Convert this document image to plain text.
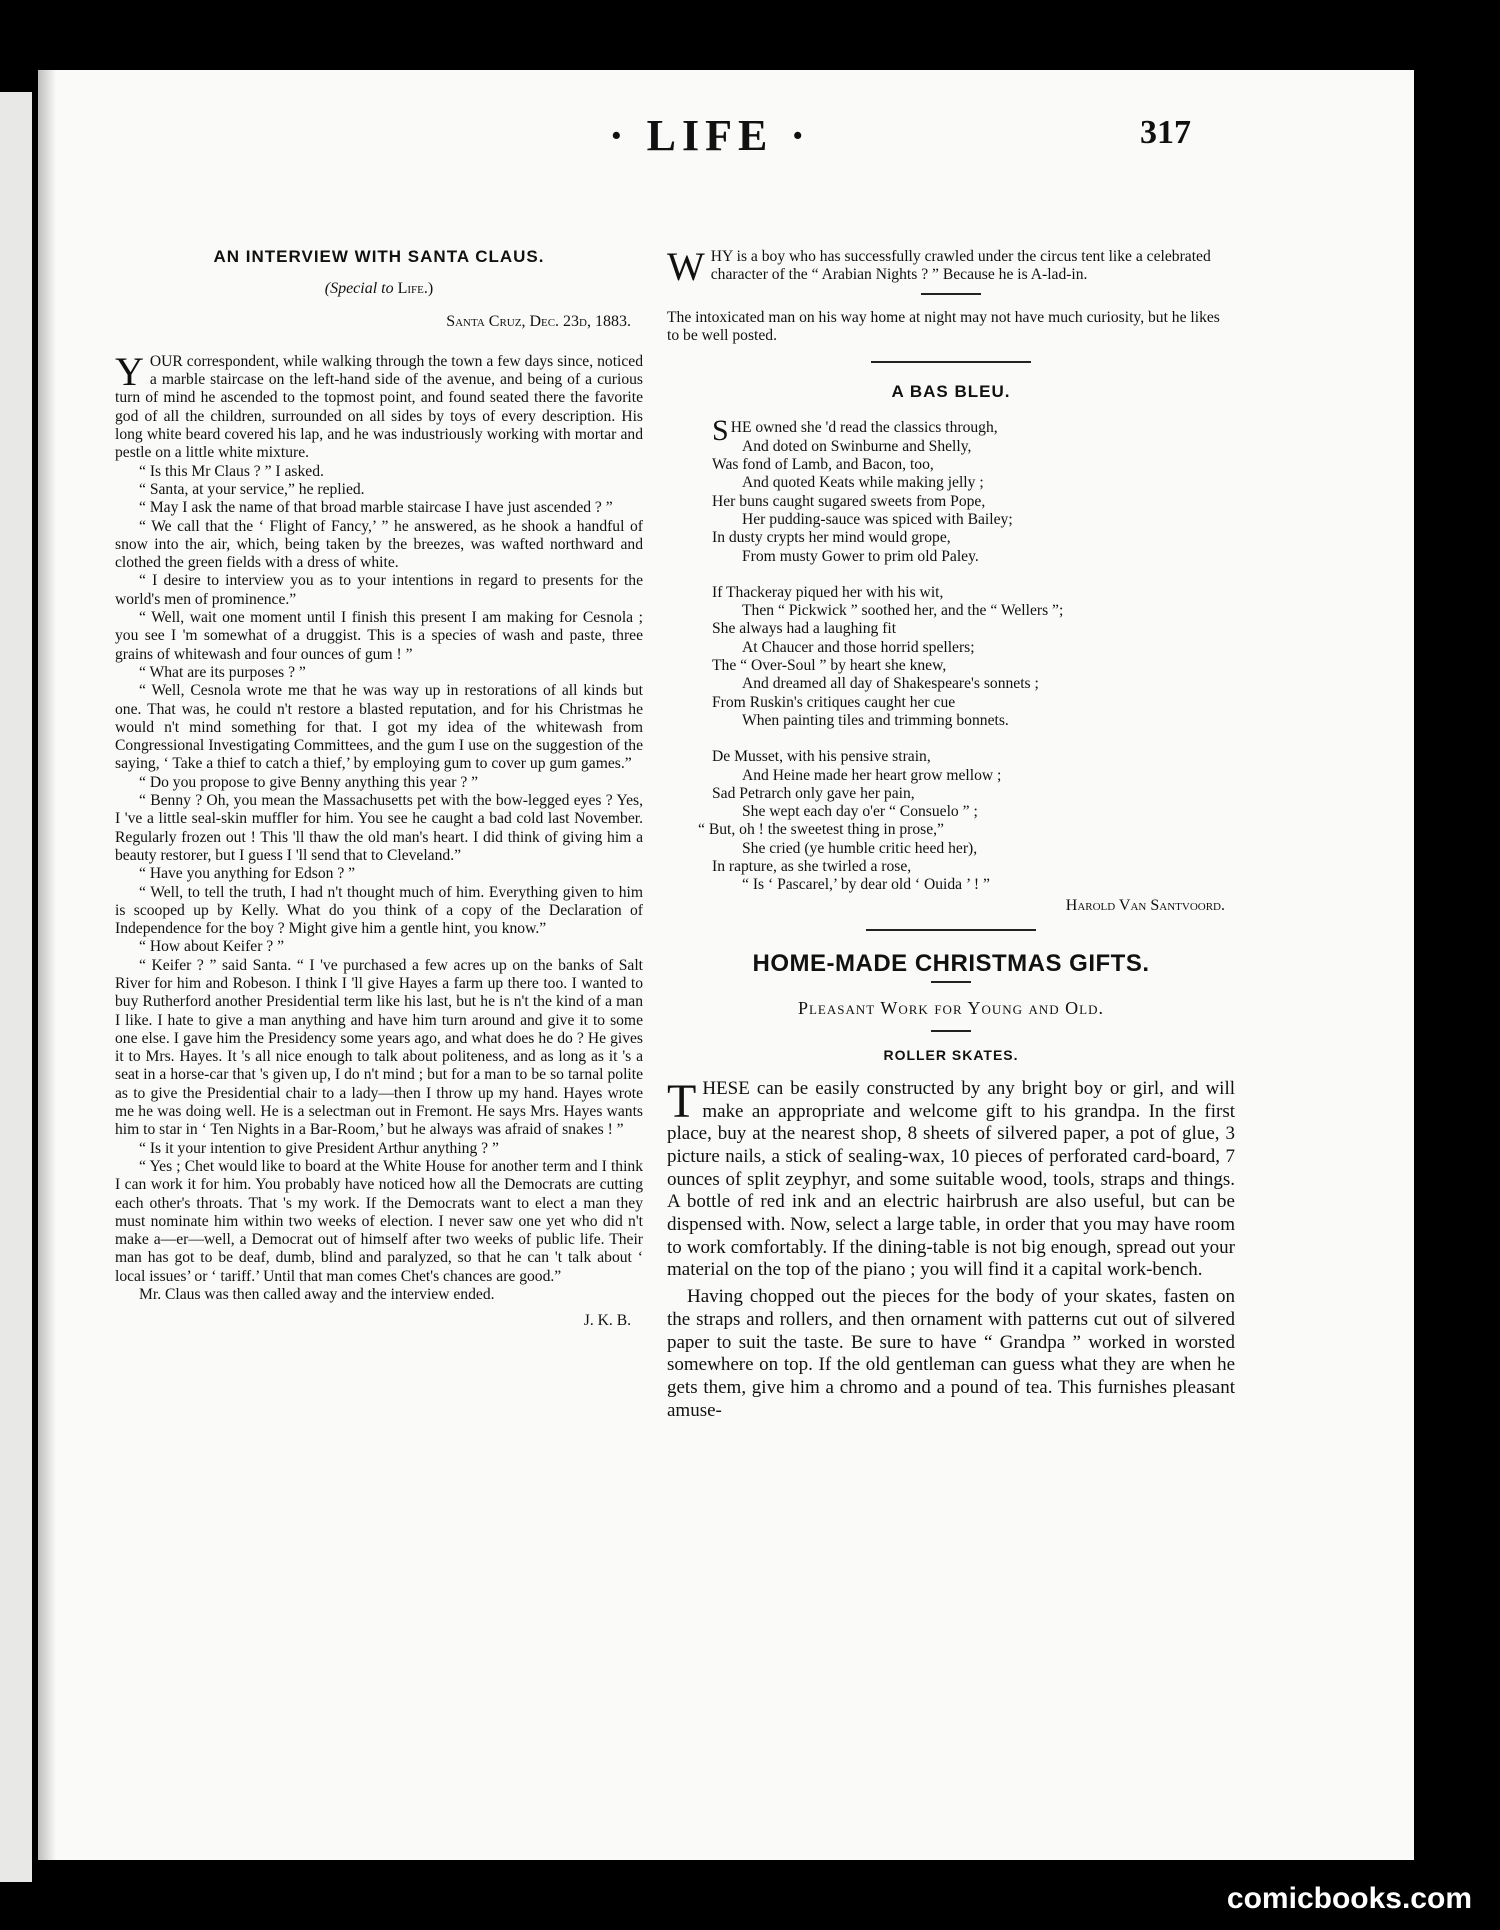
· LIFE ·	317
AN INTERVIEW WITH SANTA CLAUS.
(Special to Life.)
Santa Cruz, Dec. 23d, 1883.

YOUR correspondent, while walking through the town a few days since, noticed a marble staircase on the left-hand side of the avenue, and being of a curious turn of mind he ascended to the topmost point, and found seated there the favorite god of all the children, surrounded on all sides by toys of every description. His long white beard covered his lap, and he was industriously working with mortar and pestle on a little white mixture.

“ Is this Mr Claus ? ” I asked.

“ Santa, at your service,” he replied.

“ May I ask the name of that broad marble staircase I have just ascended ? ”

“ We call that the ‘ Flight of Fancy,’ ” he answered, as he shook a handful of snow into the air, which, being taken by the breezes, was wafted northward and clothed the green fields with a dress of white.

“ I desire to interview you as to your intentions in regard to presents for the world's men of prominence.”

“ Well, wait one moment until I finish this present I am making for Cesnola ; you see I 'm somewhat of a druggist. This is a species of wash and paste, three grains of whitewash and four ounces of gum ! ”

“ What are its purposes ? ”

“ Well, Cesnola wrote me that he was way up in restorations of all kinds but one. That was, he could n't restore a blasted reputation, and for his Christmas he would n't mind something for that. I got my idea of the whitewash from Congressional Investigating Committees, and the gum I use on the suggestion of the saying, ‘ Take a thief to catch a thief,’ by employing gum to cover up gum games.”

“ Do you propose to give Benny anything this year ? ”

“ Benny ? Oh, you mean the Massachusetts pet with the bow-legged eyes ? Yes, I 've a little seal-skin muffler for him. You see he caught a bad cold last November. Regularly frozen out ! This 'll thaw the old man's heart. I did think of giving him a beauty restorer, but I guess I 'll send that to Cleveland.”

“ Have you anything for Edson ? ”

“ Well, to tell the truth, I had n't thought much of him. Everything given to him is scooped up by Kelly. What do you think of a copy of the Declaration of Independence for the boy ? Might give him a gentle hint, you know.”

“ How about Keifer ? ”

“ Keifer ? ” said Santa. “ I 've purchased a few acres up on the banks of Salt River for him and Robeson. I think I 'll give Hayes a farm up there too. I wanted to buy Rutherford another Presidential term like his last, but he is n't the kind of a man I like. I hate to give a man anything and have him turn around and give it to some one else. I gave him the Presidency some years ago, and what does he do ? He gives it to Mrs. Hayes. It 's all nice enough to talk about politeness, and as long as it 's a seat in a horse-car that 's given up, I do n't mind ; but for a man to be so tarnal polite as to give the Presidential chair to a lady—then I throw up my hand. Hayes wrote me he was doing well. He is a selectman out in Fremont. He says Mrs. Hayes wants him to star in ‘ Ten Nights in a Bar-Room,’ but he always was afraid of snakes ! ”

“ Is it your intention to give President Arthur anything ? ”

“ Yes ; Chet would like to board at the White House for another term and I think I can work it for him. You probably have noticed how all the Democrats are cutting each other's throats. That 's my work. If the Democrats want to elect a man they must nominate him within two weeks of election. I never saw one yet who did n't make a—er—well, a Democrat out of himself after two weeks of public life. Their man has got to be deaf, dumb, blind and paralyzed, so that he can 't talk about ‘ local issues’ or ‘ tariff.’ Until that man comes Chet's chances are good.”

Mr. Claus was then called away and the interview ended.

J. K. B.

WHY is a boy who has successfully crawled under the circus tent like a celebrated character of the “ Arabian Nights ? ” Because he is A-lad-in.

The intoxicated man on his way home at night may not have much curiosity, but he likes to be well posted.

A BAS BLEU.
SHE owned she 'd read the classics through,
And doted on Swinburne and Shelly,
Was fond of Lamb, and Bacon, too,
And quoted Keats while making jelly ;
Her buns caught sugared sweets from Pope,
Her pudding-sauce was spiced with Bailey;
In dusty crypts her mind would grope,
From musty Gower to prim old Paley.
If Thackeray piqued her with his wit,
Then “ Pickwick ” soothed her, and the “ Wellers ”;
She always had a laughing fit
At Chaucer and those horrid spellers;
The “ Over-Soul ” by heart she knew,
And dreamed all day of Shakespeare's sonnets ;
From Ruskin's critiques caught her cue
When painting tiles and trimming bonnets.
De Musset, with his pensive strain,
And Heine made her heart grow mellow ;
Sad Petrarch only gave her pain,
She wept each day o'er “ Consuelo ” ;
“ But, oh ! the sweetest thing in prose,”
She cried (ye humble critic heed her),
In rapture, as she twirled a rose,
“ Is ‘ Pascarel,’ by dear old ‘ Ouida ’ ! ”
Harold Van Santvoord.
HOME-MADE CHRISTMAS GIFTS.
Pleasant Work for Young and Old.
ROLLER SKATES.

THESE can be easily constructed by any bright boy or girl, and will make an appropriate and welcome gift to his grandpa. In the first place, buy at the nearest shop, 8 sheets of silvered paper, a pot of glue, 3 picture nails, a stick of sealing-wax, 10 pieces of perforated card-board, 7 ounces of split zeyphyr, and some suitable wood, tools, straps and things. A bottle of red ink and an electric hairbrush are also useful, but can be dispensed with. Now, select a large table, in order that you may have room to work comfortably. If the dining-table is not big enough, spread out your material on the top of the piano ; you will find it a capital work-bench.

Having chopped out the pieces for the body of your skates, fasten on the straps and rollers, and then ornament with patterns cut out of silvered paper to suit the taste. Be sure to have “ Grandpa ” worked in worsted somewhere on top. If the old gentleman can guess what they are when he gets them, give him a chromo and a pound of tea. This furnishes pleasant amuse-

comicbooks.com
